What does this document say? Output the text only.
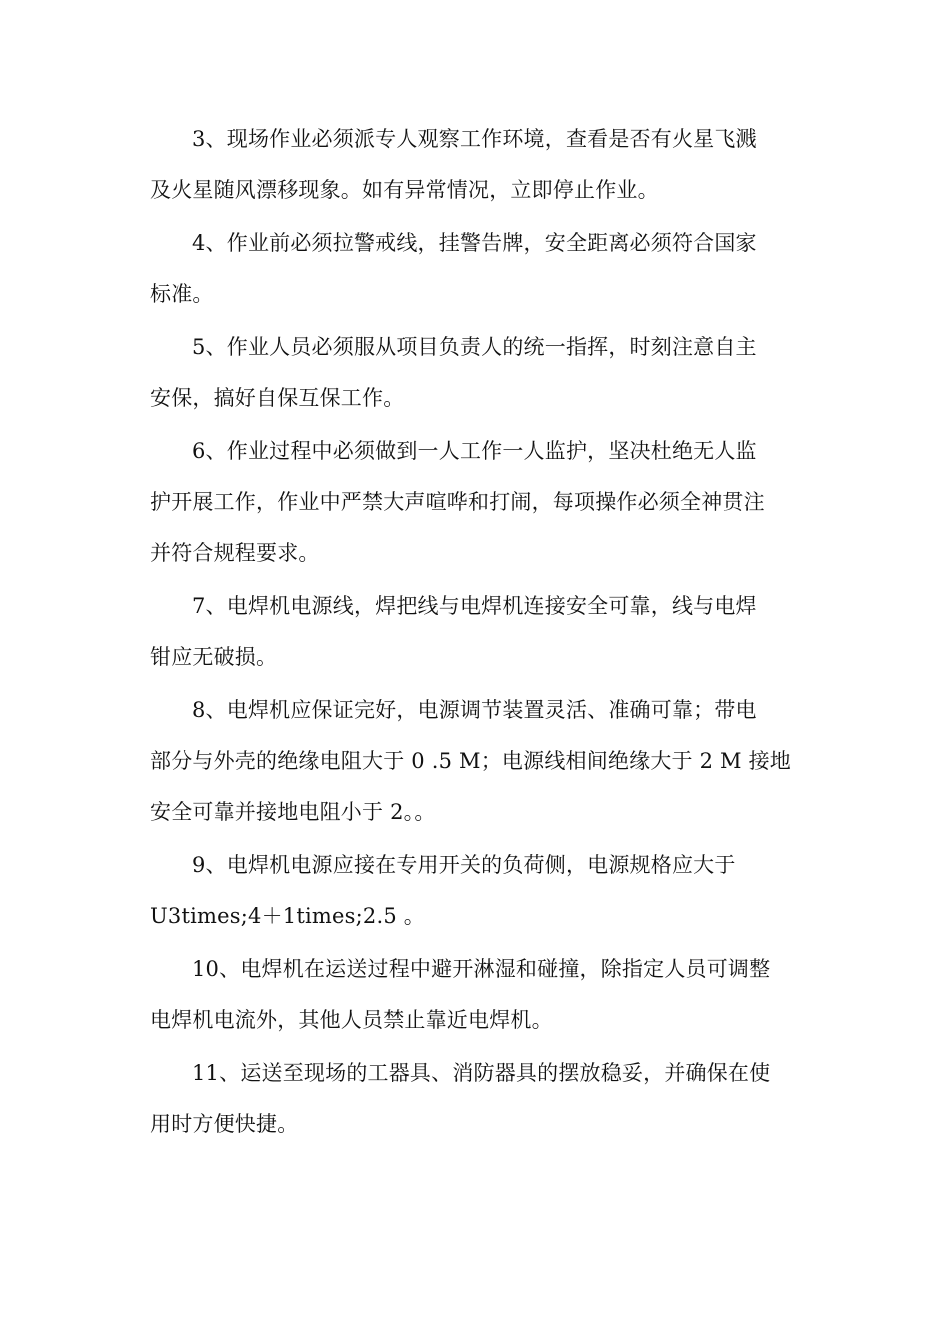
3、现场作业必须派专人观察工作环境，查看是否有火星飞溅
及火星随风漂移现象。如有异常情况，立即停止作业。
4、作业前必须拉警戒线，挂警告牌，安全距离必须符合国家
标准。
5、作业人员必须服从项目负责人的统一指挥，时刻注意自主
安保，搞好自保互保工作。
6、作业过程中必须做到一人工作一人监护，坚决杜绝无人监
护开展工作，作业中严禁大声喧哗和打闹，每项操作必须全神贯注
并符合规程要求。
7、电焊机电源线，焊把线与电焊机连接安全可靠，线与电焊
钳应无破损。
8、电焊机应保证完好，电源调节装置灵活、准确可靠；带电
部分与外壳的绝缘电阻大于 0 .5 M；电源线相间绝缘大于 2 M 接地
安全可靠并接地电阻小于 2。。
9、电焊机电源应接在专用开关的负荷侧，电源规格应大于
U3times;4＋1times;2.5 。
10、电焊机在运送过程中避开淋湿和碰撞，除指定人员可调整
电焊机电流外，其他人员禁止靠近电焊机。
11、运送至现场的工器具、消防器具的摆放稳妥，并确保在使
用时方便快捷。
